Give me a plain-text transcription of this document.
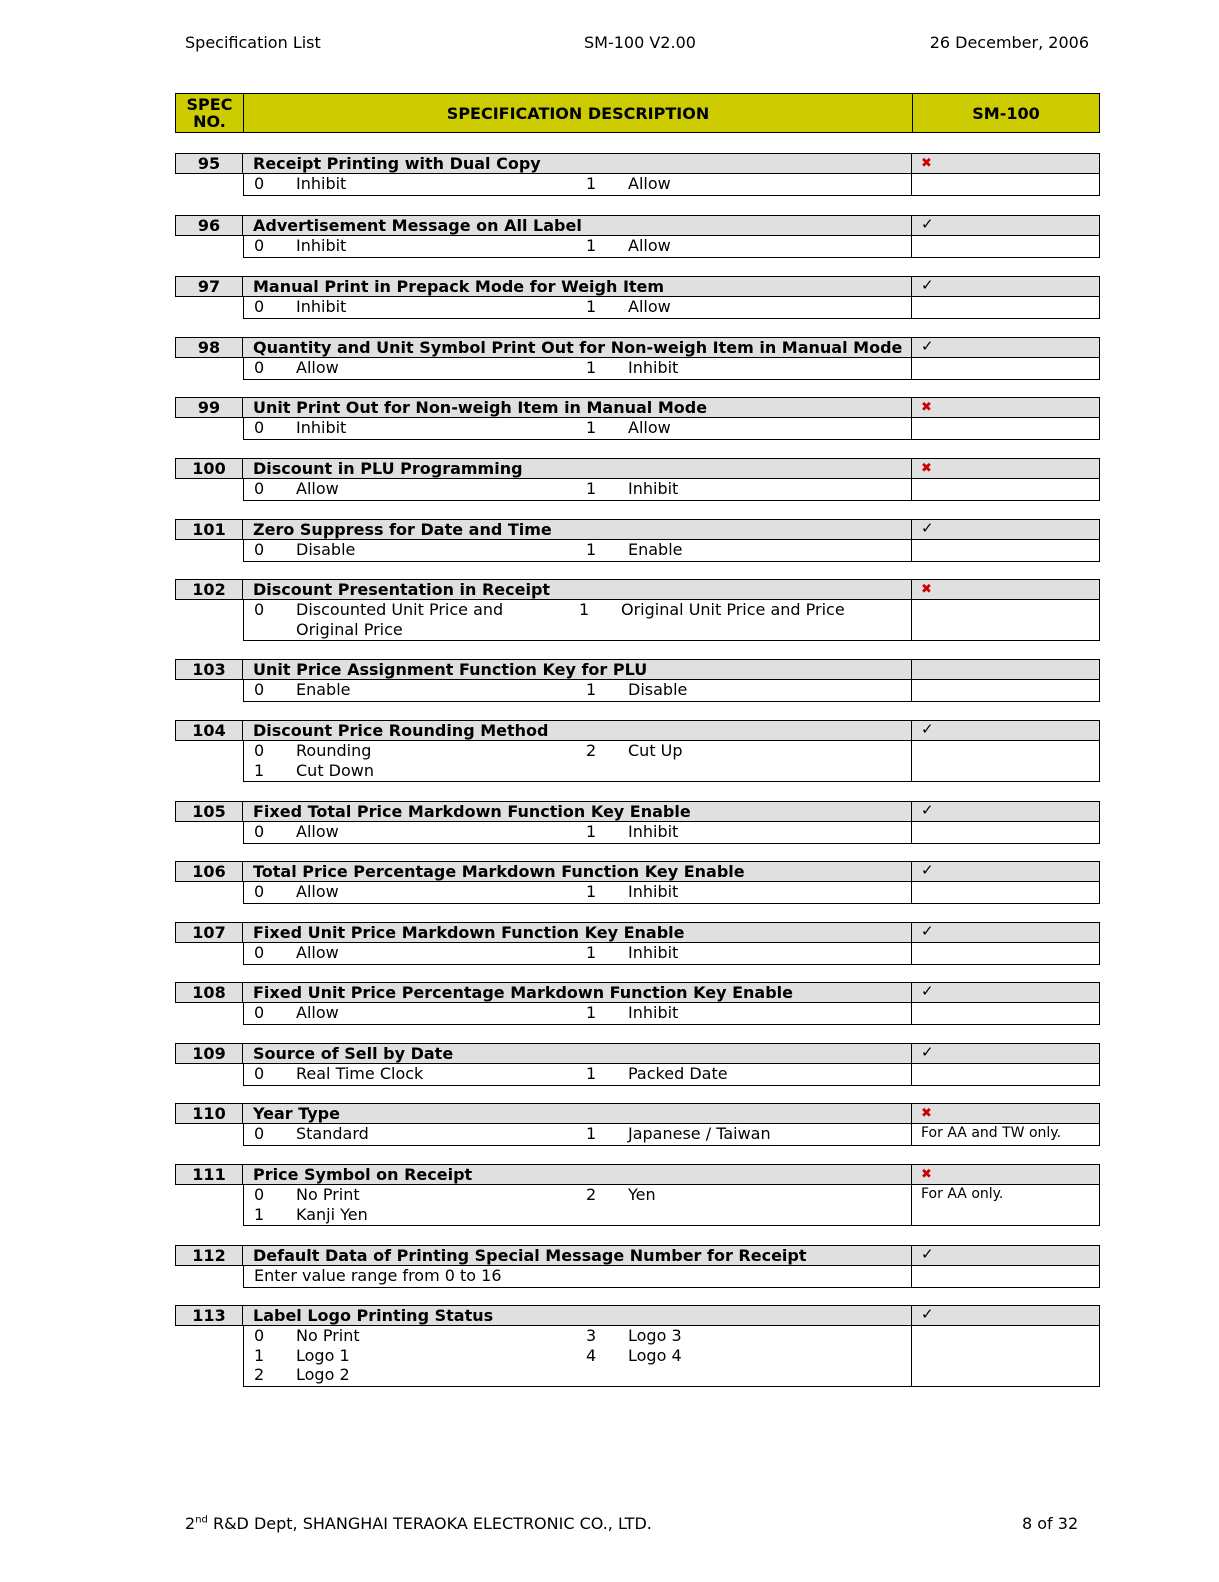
Specification List	SM-100 V2.00	26 December, 2006
SPEC NO.	SPECIFICATION DESCRIPTION	SM-100
95	Receipt Printing with Dual Copy	✖
0	Inhibit	1	Allow
96	Advertisement Message on All Label	✓
0	Inhibit	1	Allow
97	Manual Print in Prepack Mode for Weigh Item	✓
0	Inhibit	1	Allow
98	Quantity and Unit Symbol Print Out for Non-weigh Item in Manual Mode	✓
0	Allow	1	Inhibit
99	Unit Print Out for Non-weigh Item in Manual Mode	✖
0	Inhibit	1	Allow
100	Discount in PLU Programming	✖
0	Allow	1	Inhibit
101	Zero Suppress for Date and Time	✓
0	Disable	1	Enable
102	Discount Presentation in Receipt	✖
0	Discounted Unit Price and Original Price
1	Original Unit Price and Price
103	Unit Price Assignment Function Key for PLU
0	Enable	1	Disable
104	Discount Price Rounding Method	✓
0	Rounding	2	Cut Up
1	Cut Down
105	Fixed Total Price Markdown Function Key Enable	✓
0	Allow	1	Inhibit
106	Total Price Percentage Markdown Function Key Enable	✓
0	Allow	1	Inhibit
107	Fixed Unit Price Markdown Function Key Enable	✓
0	Allow	1	Inhibit
108	Fixed Unit Price Percentage Markdown Function Key Enable	✓
0	Allow	1	Inhibit
109	Source of Sell by Date	✓
0	Real Time Clock	1	Packed Date
110	Year Type	✖
0	Standard	1	Japanese / Taiwan	For AA and TW only.
111	Price Symbol on Receipt	✖
0	No Print	2	Yen
1	Kanji Yen
For AA only.
112	Default Data of Printing Special Message Number for Receipt	✓
Enter value range from 0 to 16
113	Label Logo Printing Status	✓
0	No Print	3	Logo 3
1	Logo 1	4	Logo 4
2	Logo 2
2nd R&D Dept, SHANGHAI TERAOKA ELECTRONIC CO., LTD.	8 of 32
